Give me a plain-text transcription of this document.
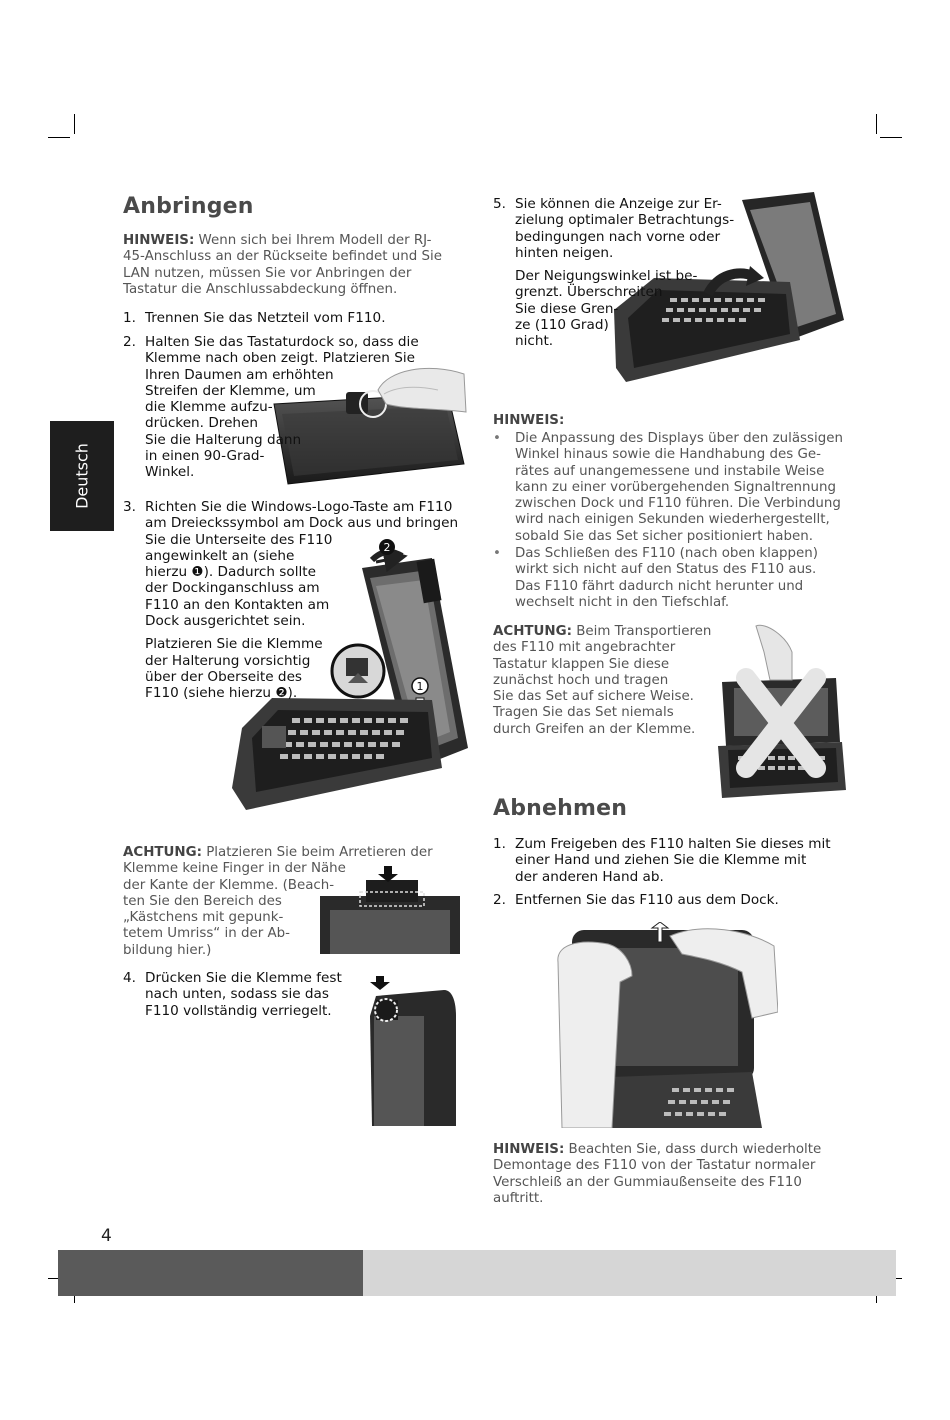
Deutsch
Anbringen
HINWEIS: Wenn sich bei Ihrem Modell der RJ-
45-Anschluss an der Rückseite befindet und Sie
LAN nutzen, müssen Sie vor Anbringen der
Tastatur die Anschlussabdeckung öffnen.
1. Trennen Sie das Netzteil vom F110.
2. Halten Sie das Tastaturdock so, dass die
Klemme nach oben zeigt. Platzieren Sie
Ihren Daumen am erhöhten
Streifen der Klemme, um
die Klemme aufzu-
drücken. Drehen
Sie die Halterung dann
in einen 90-Grad-
Winkel.
3. Richten Sie die Windows-Logo-Taste am F110
am Dreieckssymbol am Dock aus und bringen
Sie die Unterseite des F110
angewinkelt an (siehe
hierzu ❶). Dadurch sollte
der Dockinganschluss am
F110 an den Kontakten am
Dock ausgerichtet sein.
Platzieren Sie die Klemme
der Halterung vorsichtig
über der Oberseite des
F110 (siehe hierzu ❷).
2
1
ACHTUNG: Platzieren Sie beim Arretieren der
Klemme keine Finger in der Nähe
der Kante der Klemme. (Beach-
ten Sie den Bereich des
„Kästchens mit gepunk-
tetem Umriss“ in der Ab-
bildung hier.)
4. Drücken Sie die Klemme fest
nach unten, sodass sie das
F110 vollständig verriegelt.
5. Sie können die Anzeige zur Er-
zielung optimaler Betrachtungs-
bedingungen nach vorne oder
hinten neigen.
Der Neigungswinkel ist be-
grenzt. Überschreiten
Sie diese Gren-
ze (110 Grad)
nicht.
HINWEIS:
• Die Anpassung des Displays über den zulässigen
Winkel hinaus sowie die Handhabung des Ge-
rätes auf unangemessene und instabile Weise
kann zu einer vorübergehenden Signaltrennung
zwischen Dock und F110 führen. Die Verbindung
wird nach einigen Sekunden wiederhergestellt,
sobald Sie das Set sicher positioniert haben.
• Das Schließen des F110 (nach oben klappen)
wirkt sich nicht auf den Status des F110 aus.
Das F110 fährt dadurch nicht herunter und
wechselt nicht in den Tiefschlaf.
ACHTUNG: Beim Transportieren
des F110 mit angebrachter
Tastatur klappen Sie diese
zunächst hoch und tragen
Sie das Set auf sichere Weise.
Tragen Sie das Set niemals
durch Greifen an der Klemme.
Abnehmen
1. Zum Freigeben des F110 halten Sie dieses mit
einer Hand und ziehen Sie die Klemme mit
der anderen Hand ab.
2. Entfernen Sie das F110 aus dem Dock.
HINWEIS: Beachten Sie, dass durch wiederholte
Demontage des F110 von der Tastatur normaler
Verschleiß an der Gummiaußenseite des F110
auftritt.
4
